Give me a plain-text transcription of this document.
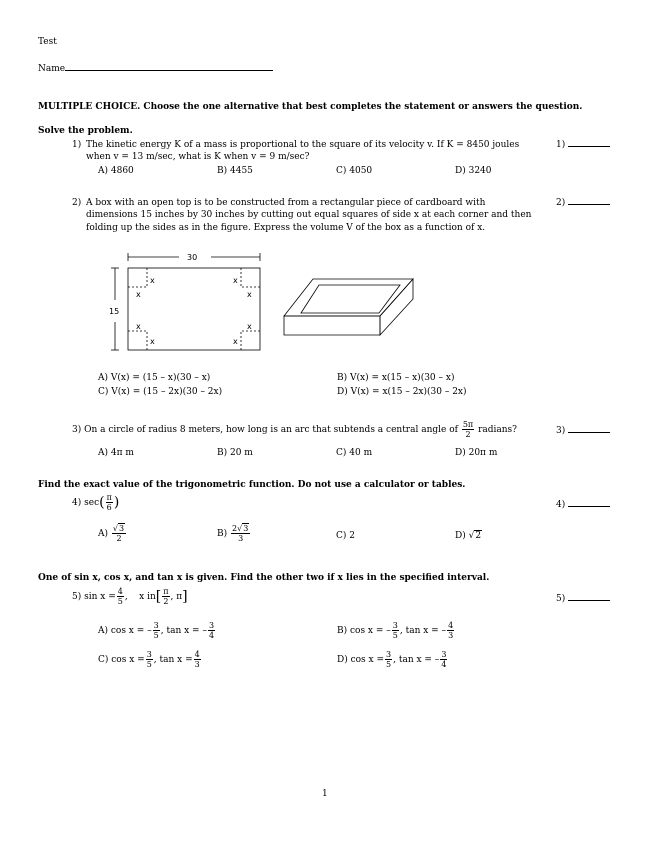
Test
Name
MULTIPLE CHOICE. Choose the one alternative that best completes the statement or answers the question.
Solve the problem.
1) The kinetic energy K of a mass is proportional to the square of its velocity v. If K = 8450 joules
when v = 13 m/sec, what is K when v = 9 m/sec?
1)
A) 4860	B) 4455	C) 4050	D) 3240
2) A box with an open top is to be constructed from a rectangular piece of cardboard with
dimensions 15 inches by 30 inches by cutting out equal squares of side x at each corner and then
folding up the sides as in the figure. Express the volume V of the box as a function of x.
2)
30
15
x
x
x
x
x
x
x
x
A) V(x) = (15 – x)(30 – x)	B) V(x) = x(15 – x)(30 – x)
C) V(x) = (15 – 2x)(30 – 2x)	D) V(x) = x(15 – 2x)(30 – 2x)
3) On a circle of radius 8 meters, how long is an arc that subtends a central angle of $\frac{5\pi}{2}$ radians?	3)
A) 4π m	B) 20 m	C) 40 m	D) 20π m
Find the exact value of the trigonometric function. Do not use a calculator or tables.
4) $\sec( \frac{\pi}{6}$ )	4)
$A) \frac{√3}{2}$	$B) \frac{2√3}{3}$	C) 2	D) √2
One of sin x, cos x, and tan x is given. Find the other two if x lies in the specified interval.
5) $\sin x = \frac{4}{5}$ ,    x $in[ \frac{\pi}{2}$ , π]	5)
A) cos x = – $\frac{3}{5}$ , tan x = – $\frac{3}{4}$	B) cos x = – $\frac{3}{5}$ , tan x = – $\frac{4}{3}$
C) $\cos x = \frac{3}{5}$ , $\tan x = \frac{4}{3}$	D) $\cos x = \frac{3}{5}$ , tan x = – $\frac{3}{4}$
1
